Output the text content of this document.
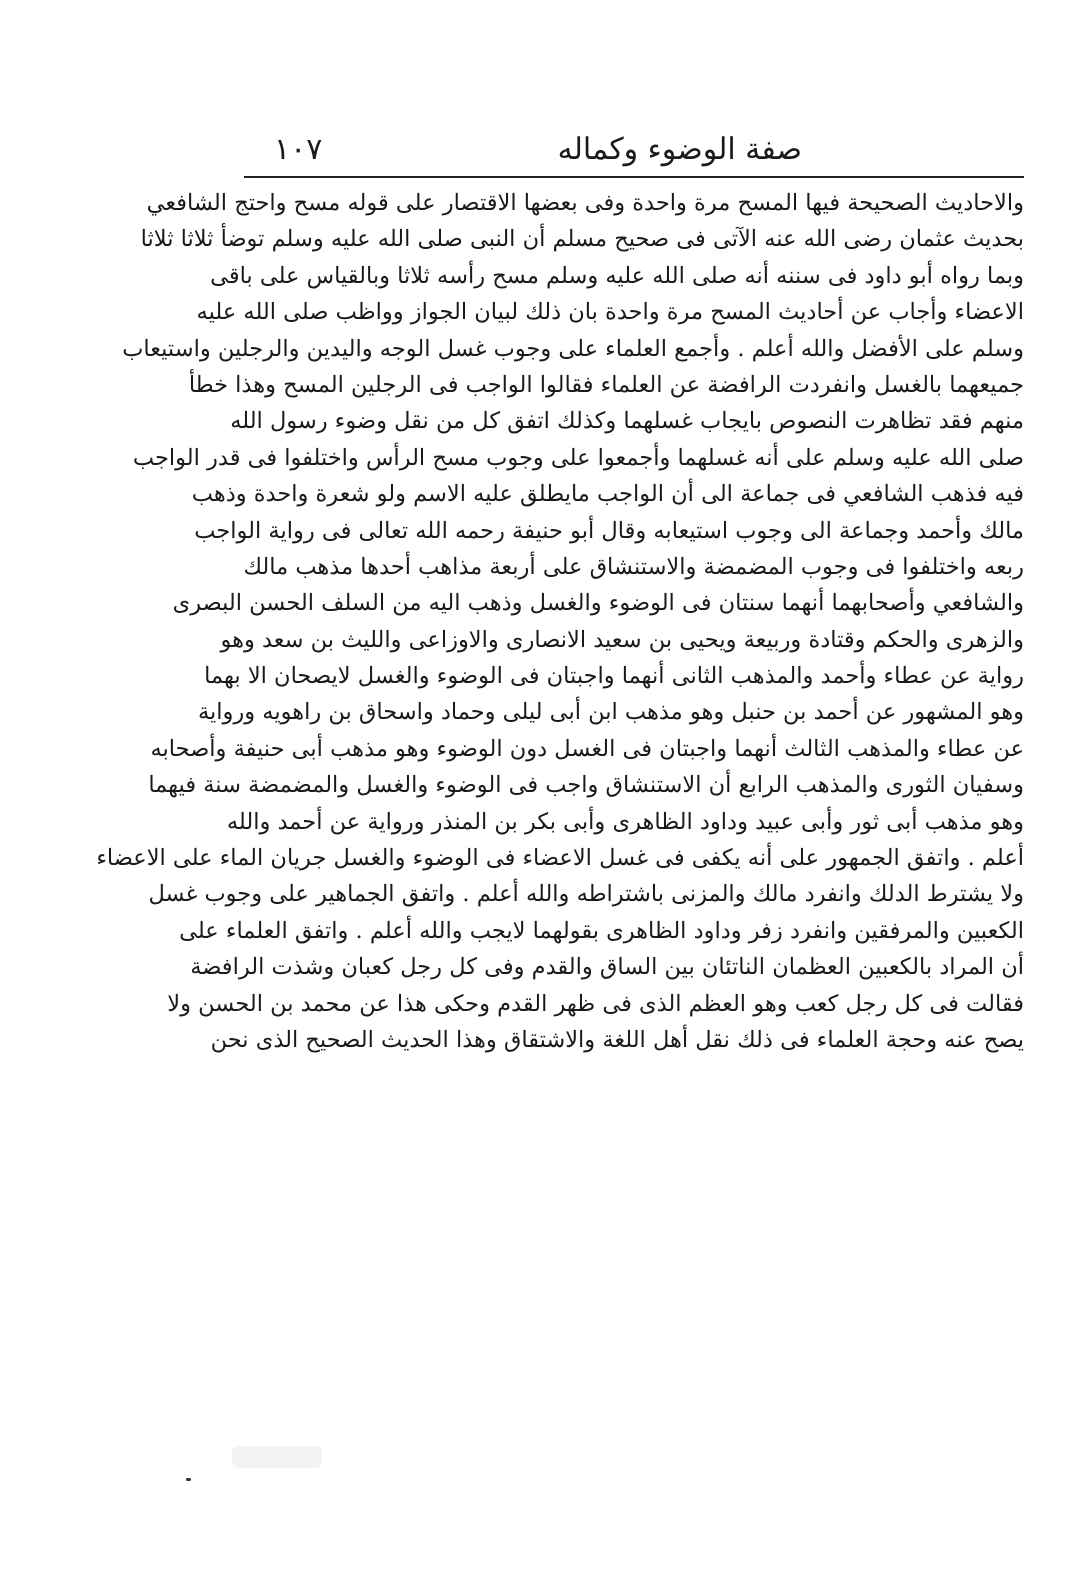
صفة الوضوء وكماله
١٠٧
والاحاديث الصحيحة فيها المسح مرة واحدة وفى بعضها الاقتصار على قوله مسح واحتج الشافعي
بحديث عثمان رضى الله عنه الآتى فى صحيح مسلم أن النبى صلى الله عليه وسلم توضأ ثلاثا ثلاثا
وبما رواه أبو داود فى سننه أنه صلى الله عليه وسلم مسح رأسه ثلاثا وبالقياس على باقى
الاعضاء وأجاب عن أحاديث المسح مرة واحدة بان ذلك لبيان الجواز وواظب صلى الله عليه
وسلم على الأفضل والله أعلم . وأجمع العلماء على وجوب غسل الوجه واليدين والرجلين واستيعاب
جميعهما بالغسل وانفردت الرافضة عن العلماء فقالوا الواجب فى الرجلين المسح وهذا خطأ
منهم فقد تظاهرت النصوص بايجاب غسلهما وكذلك اتفق كل من نقل وضوء رسول الله
صلى الله عليه وسلم على أنه غسلهما وأجمعوا على وجوب مسح الرأس واختلفوا فى قدر الواجب
فيه فذهب الشافعي فى جماعة الى أن الواجب مايطلق عليه الاسم ولو شعرة واحدة وذهب
مالك وأحمد وجماعة الى وجوب استيعابه وقال أبو حنيفة رحمه الله تعالى فى رواية الواجب
ربعه واختلفوا فى وجوب المضمضة والاستنشاق على أربعة مذاهب أحدها مذهب مالك
والشافعي وأصحابهما أنهما سنتان فى الوضوء والغسل وذهب اليه من السلف الحسن البصرى
والزهرى والحكم وقتادة وربيعة ويحيى بن سعيد الانصارى والاوزاعى والليث بن سعد وهو
رواية عن عطاء وأحمد والمذهب الثانى أنهما واجبتان فى الوضوء والغسل لايصحان الا بهما
وهو المشهور عن أحمد بن حنبل وهو مذهب ابن أبى ليلى وحماد واسحاق بن راهويه ورواية
عن عطاء والمذهب الثالث أنهما واجبتان فى الغسل دون الوضوء وهو مذهب أبى حنيفة وأصحابه
وسفيان الثورى والمذهب الرابع أن الاستنشاق واجب فى الوضوء والغسل والمضمضة سنة فيهما
وهو مذهب أبى ثور وأبى عبيد وداود الظاهرى وأبى بكر بن المنذر ورواية عن أحمد والله
أعلم . واتفق الجمهور على أنه يكفى فى غسل الاعضاء فى الوضوء والغسل جريان الماء على الاعضاء
ولا يشترط الدلك وانفرد مالك والمزنى باشتراطه والله أعلم . واتفق الجماهير على وجوب غسل
الكعبين والمرفقين وانفرد زفر وداود الظاهرى بقولهما لايجب والله أعلم . واتفق العلماء على
أن المراد بالكعبين العظمان الناتئان بين الساق والقدم وفى كل رجل كعبان وشذت الرافضة
فقالت فى كل رجل كعب وهو العظم الذى فى ظهر القدم وحكى هذا عن محمد بن الحسن ولا
يصح عنه وحجة العلماء فى ذلك نقل أهل اللغة والاشتقاق وهذا الحديث الصحيح الذى نحن
